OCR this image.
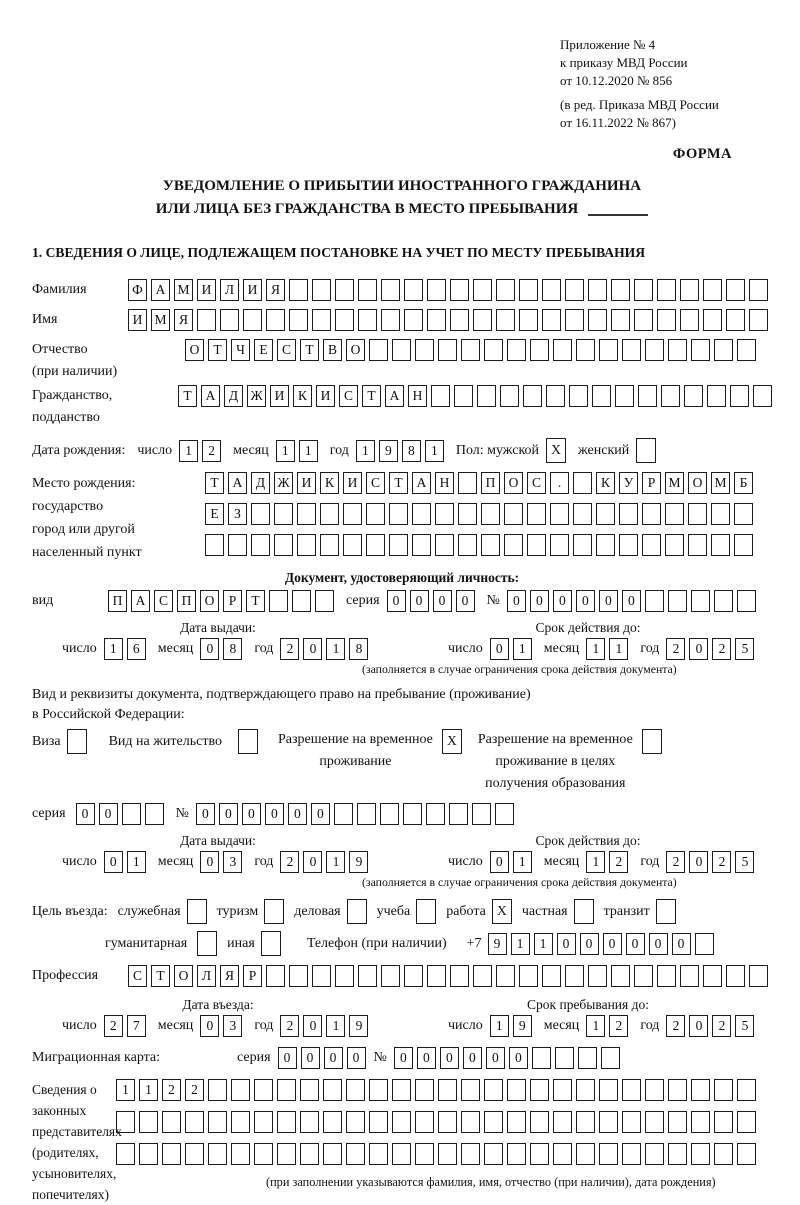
Приложение № 4
к приказу МВД России
от 10.12.2020 № 856
(в ред. Приказа МВД России
от 16.11.2022 № 867)
ФОРМА
УВЕДОМЛЕНИЕ О ПРИБЫТИИ ИНОСТРАННОГО ГРАЖДАНИНА
ИЛИ ЛИЦА БЕЗ ГРАЖДАНСТВА В МЕСТО ПРЕБЫВАНИЯ
1. СВЕДЕНИЯ О ЛИЦЕ, ПОДЛЕЖАЩЕМ ПОСТАНОВКЕ НА УЧЕТ ПО МЕСТУ ПРЕБЫВАНИЯ
Фамилия	Ф А М И	Л	И	Я
Имя	И М Я
Отчество
(при наличии)
О	Т	Ч	Е	С	Т	В	О
Гражданство,
подданство
Т	А	Д Ж И	К	И	С	Т	А Н
Дата рождения: число 1	2	месяц 1	1	год 1	9	8	1	Пол: мужской X	женский
Место рождения:
государство
город или другой
населенный пункт
Т	А	Д Ж И	К	И	С	Т	А Н	П О	С	.	К	У	Р М О М Б
Е	З
Документ, удостоверяющий личность:
вид	П А	С	П О	Р	Т	серия 0	0	0	0	№ 0	0	0	0	0	0
Дата выдачи:	Срок действия до:
число 1	6	месяц 0	8	год 2	0	1	8	число 0	1	месяц 1	1	год 2	0	2	5
(заполняется в случае ограничения срока действия документа)
Вид и реквизиты документа, подтверждающего право на пребывание (проживание)
в Российской Федерации:
Виза	Вид на жительство	Разрешение на временное
проживание
X	Разрешение на временное
проживание в целях
получения образования
серия	0	0	№ 0	0	0	0	0	0
Дата выдачи:	Срок действия до:
число 0	1	месяц 0	3	год 2	0	1	9	число 0	1	месяц 1	2	год 2	0	2	5
(заполняется в случае ограничения срока действия документа)
Цель въезда: служебная	туризм	деловая	учеба	работа X	частная	транзит
гуманитарная	иная	Телефон (при наличии) +7 9	1	1	0	0	0	0	0	0
Профессия	С	Т	О	Л	Я	Р
Дата въезда:	Срок пребывания до:
число 2	7	месяц 0	3	год 2	0	1	9	число 1	9	месяц 1	2	год 2	0	2	5
Миграционная карта:	серия 0	0	0	0	№ 0	0	0	0	0	0
Сведения о
законных
представителях
(родителях,
усыновителях,
попечителях)
1	1	2	2
(при заполнении указываются фамилия, имя, отчество (при наличии), дата рождения)
